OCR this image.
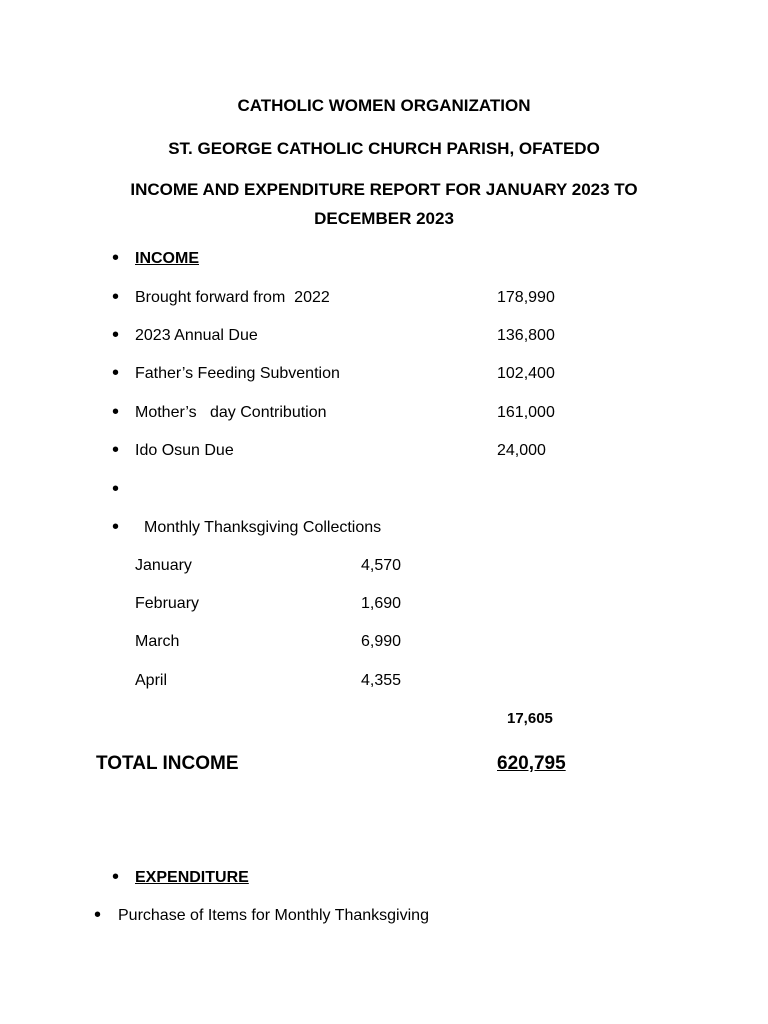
CATHOLIC WOMEN ORGANIZATION
ST. GEORGE CATHOLIC CHURCH PARISH, OFATEDO
INCOME AND EXPENDITURE REPORT FOR JANUARY 2023 TO
DECEMBER 2023
• INCOME
• Brought forward from  2022	178,990
• 2023 Annual Due	136,800
• Father’s Feeding Subvention	102,400
• Mother’s   day Contribution	161,000
• Ido Osun Due	24,000
•
• Monthly Thanksgiving Collections
January	4,570
February	1,690
March	6,990
April	4,355
17,605
TOTAL INCOME	620,795
• EXPENDITURE
• Purchase of Items for Monthly Thanksgiving
